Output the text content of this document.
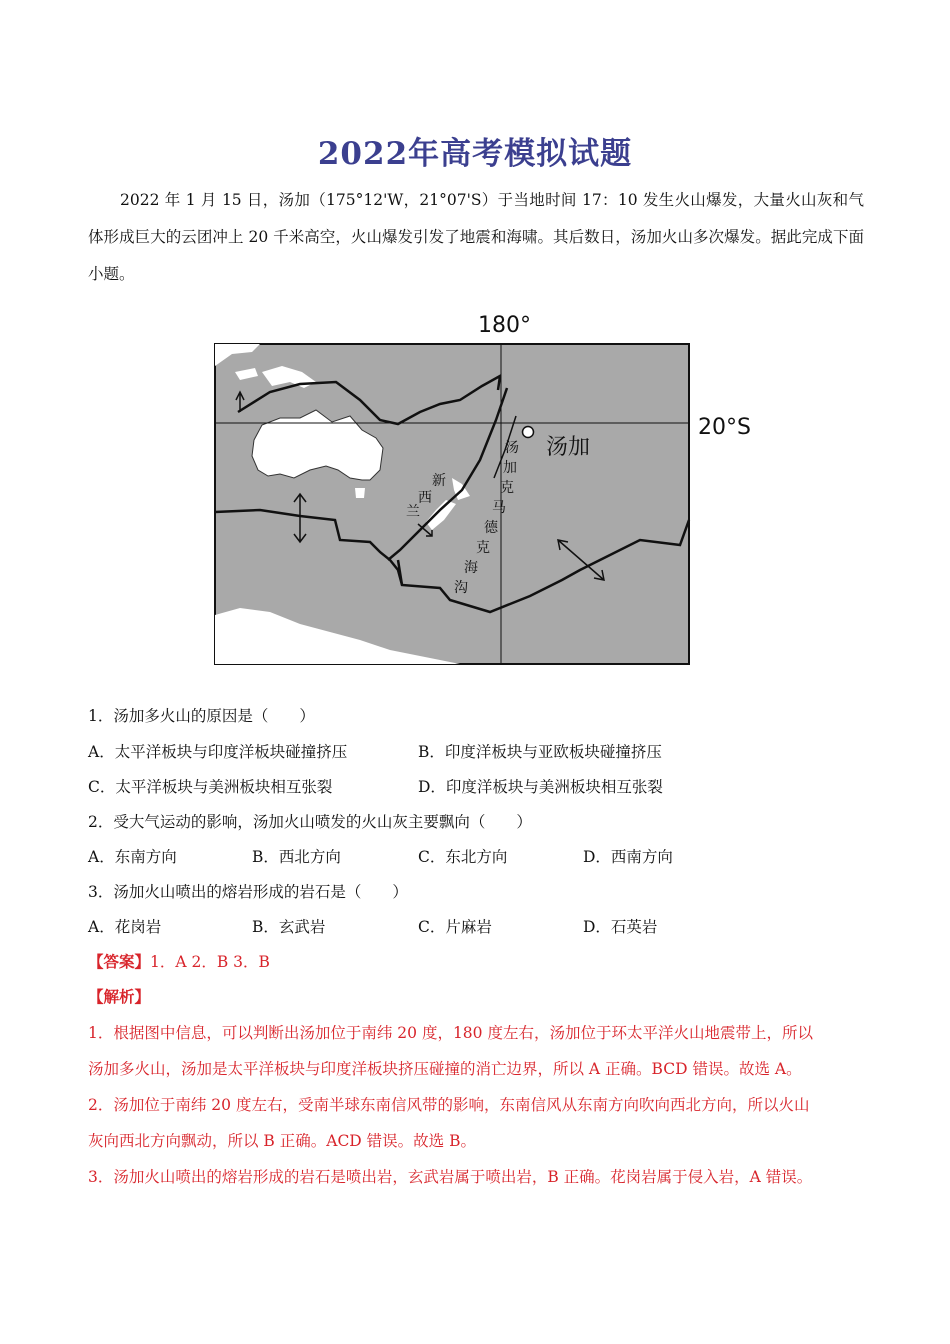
2022年高考模拟试题
2022 年 1 月 15 日，汤加（175°12'W，21°07'S）于当地时间 17：10 发生火山爆发，大量火山灰和气体形成巨大的云团冲上 20 千米高空，火山爆发引发了地震和海啸。其后数日，汤加火山多次爆发。据此完成下面小题。
180°
20°S
汤加
新
西
兰
汤
加
克
马
德
克
海
沟
1．汤加多火山的原因是（　　）
A．太平洋板块与印度洋板块碰撞挤压	B．印度洋板块与亚欧板块碰撞挤压
C．太平洋板块与美洲板块相互张裂	D．印度洋板块与美洲板块相互张裂
2．受大气运动的影响，汤加火山喷发的火山灰主要飘向（　　）
A．东南方向	B．西北方向	C．东北方向	D．西南方向
3．汤加火山喷出的熔岩形成的岩石是（　　）
A．花岗岩	B．玄武岩	C．片麻岩	D．石英岩
【答案】1．A 2．B 3．B
【解析】
1．根据图中信息，可以判断出汤加位于南纬 20 度，180 度左右，汤加位于环太平洋火山地震带上，所以
汤加多火山，汤加是太平洋板块与印度洋板块挤压碰撞的消亡边界，所以 A 正确。BCD 错误。故选 A。
2．汤加位于南纬 20 度左右，受南半球东南信风带的影响，东南信风从东南方向吹向西北方向，所以火山
灰向西北方向飘动，所以 B 正确。ACD 错误。故选 B。
3．汤加火山喷出的熔岩形成的岩石是喷出岩，玄武岩属于喷出岩，B 正确。花岗岩属于侵入岩，A 错误。
